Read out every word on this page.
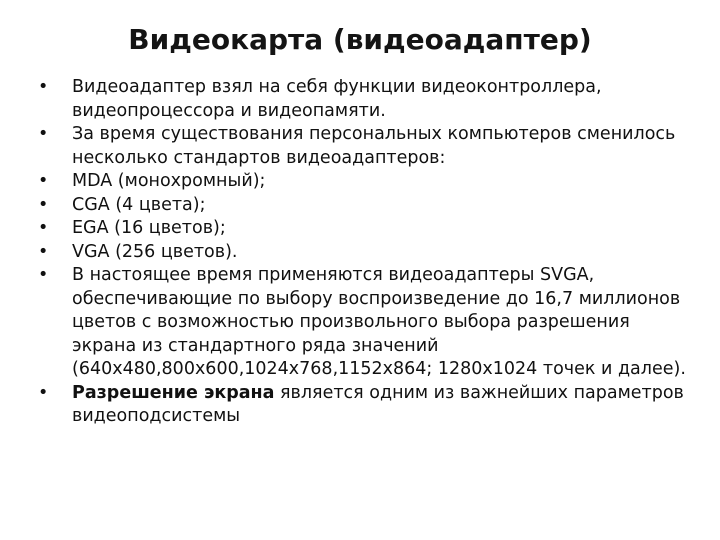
Видеокарта (видеоадаптер)
• Видеоадаптер взял на себя функции видеоконтроллера, видеопроцессора и видеопамяти.
• За время существования персональных компьютеров сменилось несколько стандартов видеоадаптеров:
• MDA (монохромный);
• CGA (4 цвета);
• EGA (16 цветов);
• VGA (256 цветов).
• В настоящее время применяются видеоадаптеры SVGA, обеспечивающие по выбору воспроизведение до 16,7 миллионов цветов с возможностью произвольного выбора разрешения экрана из стандартного ряда значений (640x480,800x600,1024x768,1152x864; 1280x1024 точек и далее).
• Разрешение экрана является одним из важнейших параметров видеоподсистемы
